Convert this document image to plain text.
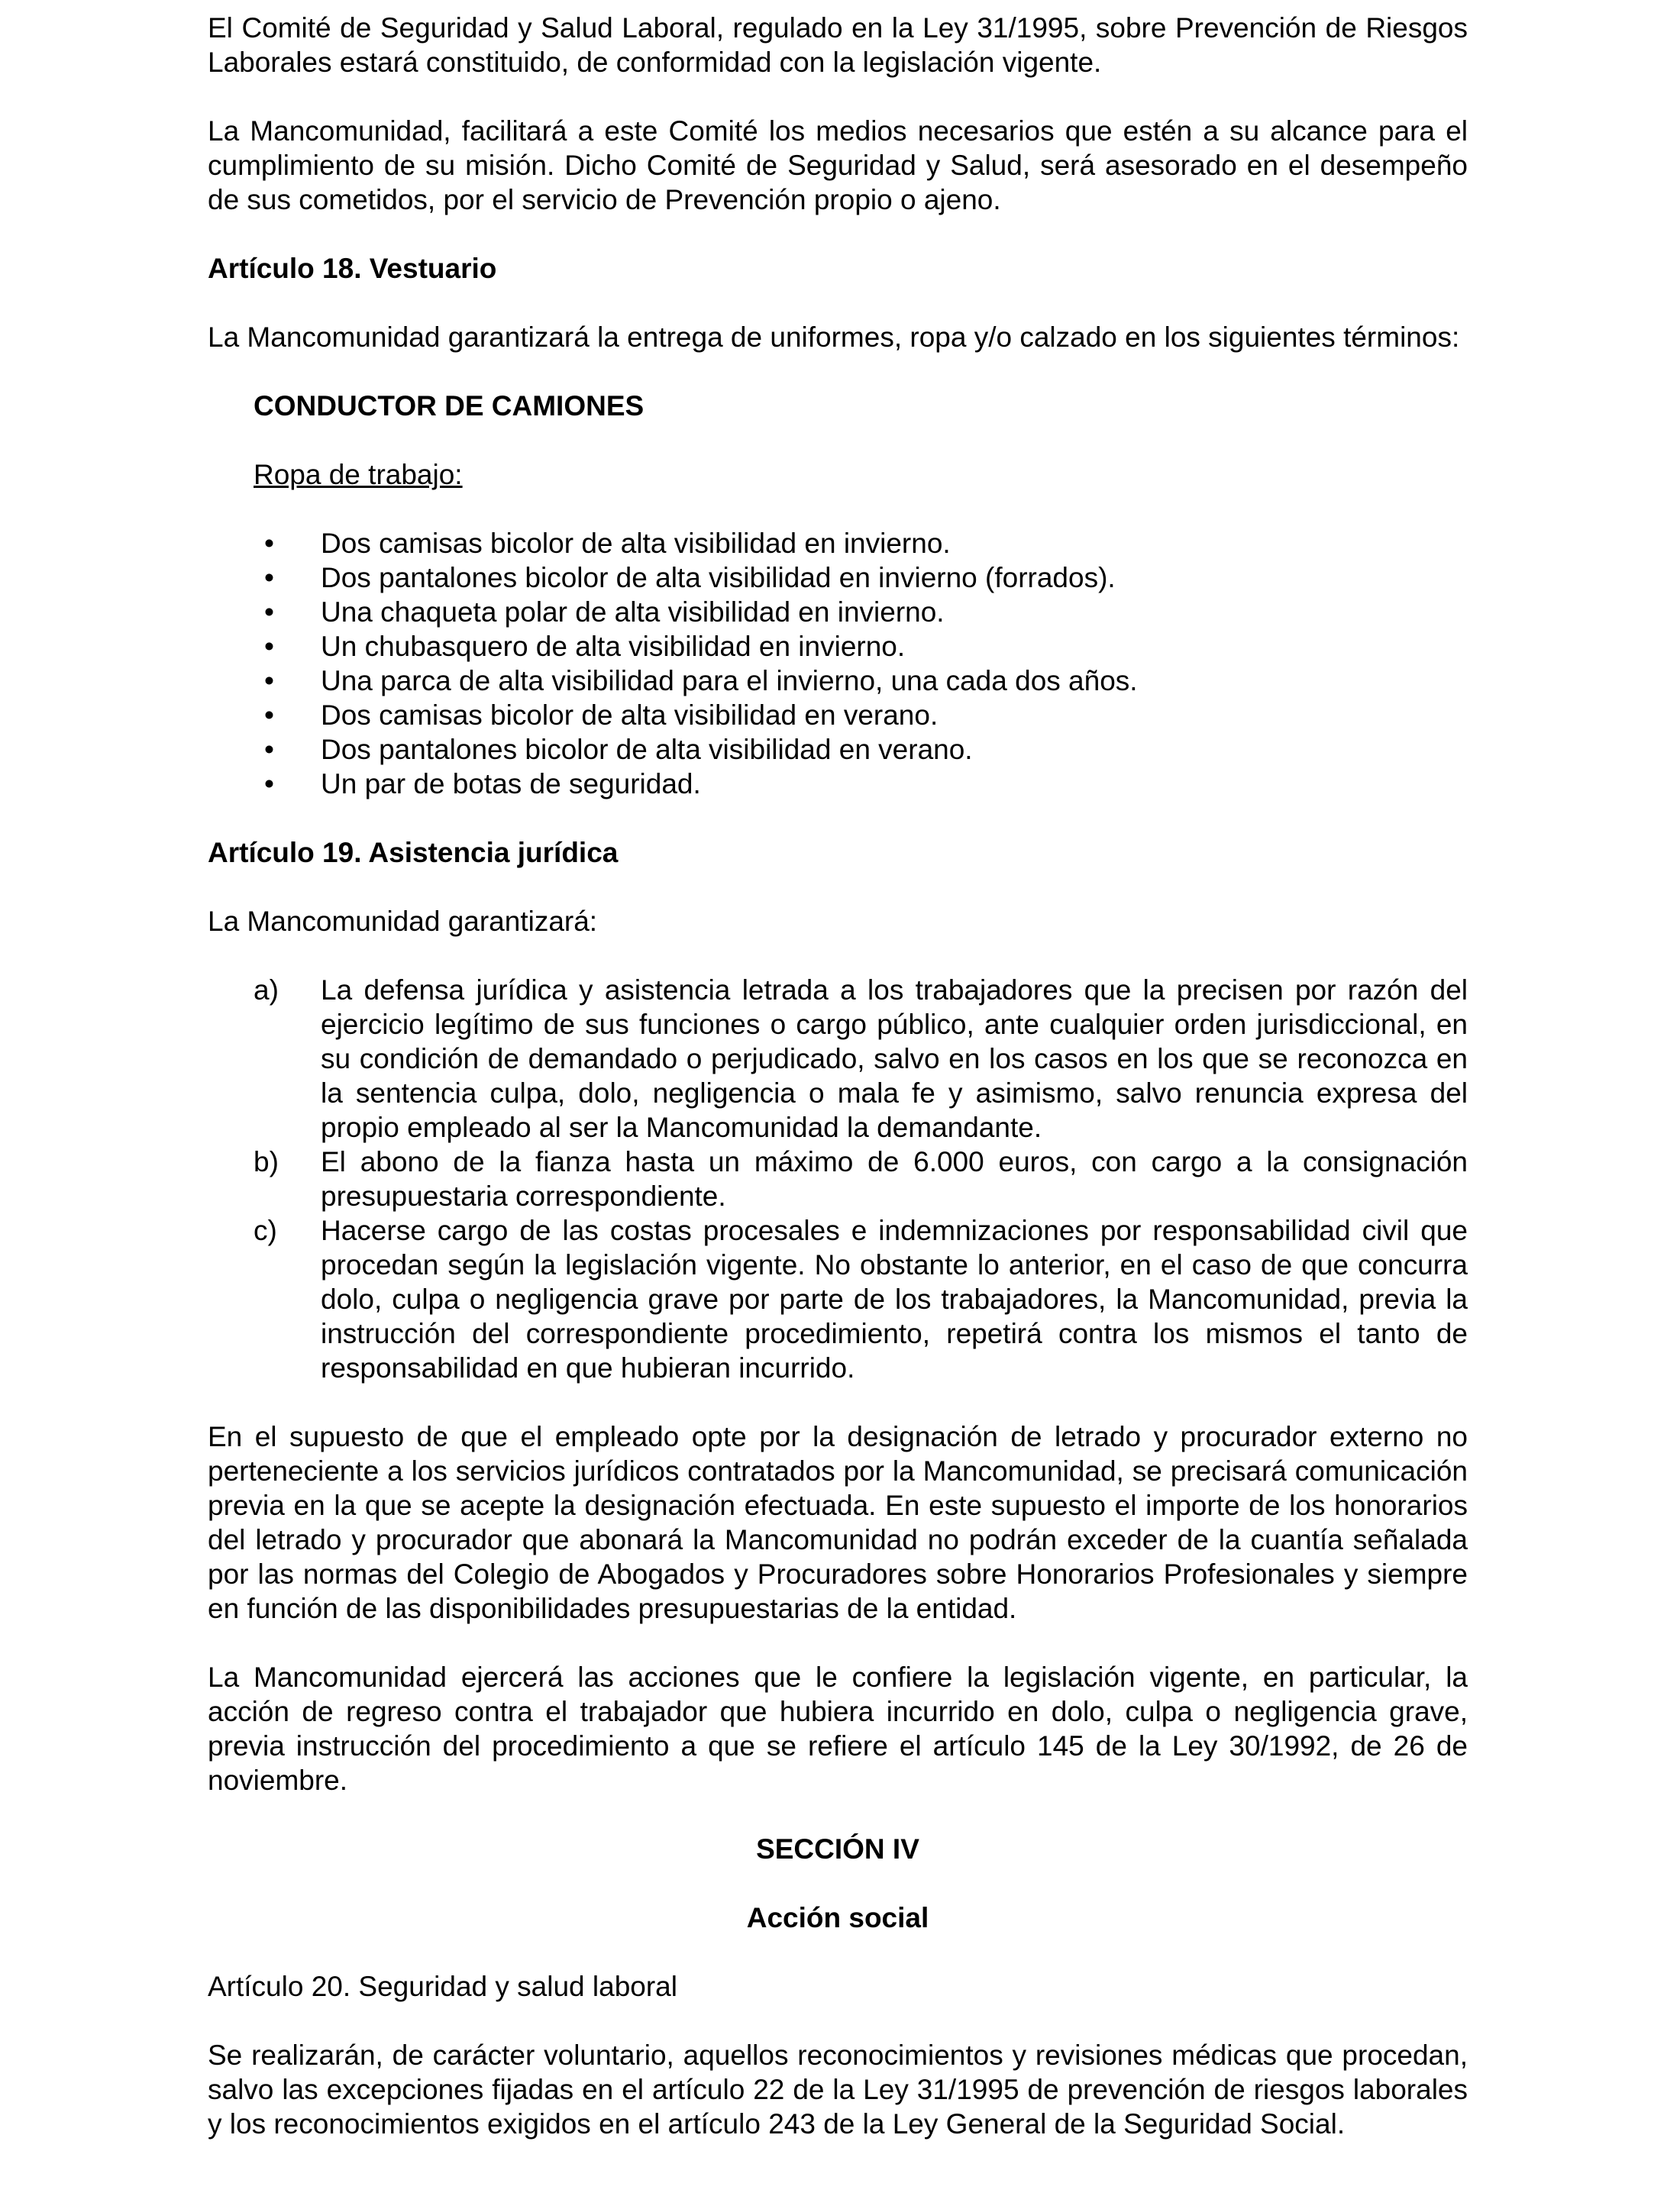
El Comité de Seguridad y Salud Laboral, regulado en la Ley 31/1995, sobre Prevención de Riesgos Laborales estará constituido, de conformidad con la legislación vigente.

La Mancomunidad, facilitará a este Comité los medios necesarios que estén a su alcance para el cumplimiento de su misión. Dicho Comité de Seguridad y Salud, será asesorado en el desempeño de sus cometidos, por el servicio de Prevención propio o ajeno.

Artículo 18. Vestuario

La Mancomunidad garantizará la entrega de uniformes, ropa y/o calzado en los siguientes términos:

CONDUCTOR DE CAMIONES

Ropa de trabajo:

• Dos camisas bicolor de alta visibilidad en invierno.
• Dos pantalones bicolor de alta visibilidad en invierno (forrados).
• Una chaqueta polar de alta visibilidad en invierno.
• Un chubasquero de alta visibilidad en invierno.
• Una parca de alta visibilidad para el invierno, una cada dos años.
• Dos camisas bicolor de alta visibilidad en verano.
• Dos pantalones bicolor de alta visibilidad en verano.
• Un par de botas de seguridad.

Artículo 19. Asistencia jurídica

La Mancomunidad garantizará:

a) La defensa jurídica y asistencia letrada a los trabajadores que la precisen por razón del ejercicio legítimo de sus funciones o cargo público, ante cualquier orden jurisdiccional, en su condición de demandado o perjudicado, salvo en los casos en los que se reconozca en la sentencia culpa, dolo, negligencia o mala fe y asimismo, salvo renuncia expresa del propio empleado al ser la Mancomunidad la demandante.
b) El abono de la fianza hasta un máximo de 6.000 euros, con cargo a la consignación presupuestaria correspondiente.
c) Hacerse cargo de las costas procesales e indemnizaciones por responsabilidad civil que procedan según la legislación vigente. No obstante lo anterior, en el caso de que concurra dolo, culpa o negligencia grave por parte de los trabajadores, la Mancomunidad, previa la instrucción del correspondiente procedimiento, repetirá contra los mismos el tanto de responsabilidad en que hubieran incurrido.

En el supuesto de que el empleado opte por la designación de letrado y procurador externo no perteneciente a los servicios jurídicos contratados por la Mancomunidad, se precisará comunicación previa en la que se acepte la designación efectuada. En este supuesto el importe de los honorarios del letrado y procurador que abonará la Mancomunidad no podrán exceder de la cuantía señalada por las normas del Colegio de Abogados y Procuradores sobre Honorarios Profesionales y siempre en función de las disponibilidades presupuestarias de la entidad.

La Mancomunidad ejercerá las acciones que le confiere la legislación vigente, en particular, la acción de regreso contra el trabajador que hubiera incurrido en dolo, culpa o negligencia grave, previa instrucción del procedimiento a que se refiere el artículo 145 de la Ley 30/1992, de 26 de noviembre.

SECCIÓN IV

Acción social

Artículo 20. Seguridad y salud laboral

Se realizarán, de carácter voluntario, aquellos reconocimientos y revisiones médicas que procedan, salvo las excepciones fijadas en el artículo 22 de la Ley 31/1995 de prevención de riesgos laborales y los reconocimientos exigidos en el artículo 243 de la Ley General de la Seguridad Social.
